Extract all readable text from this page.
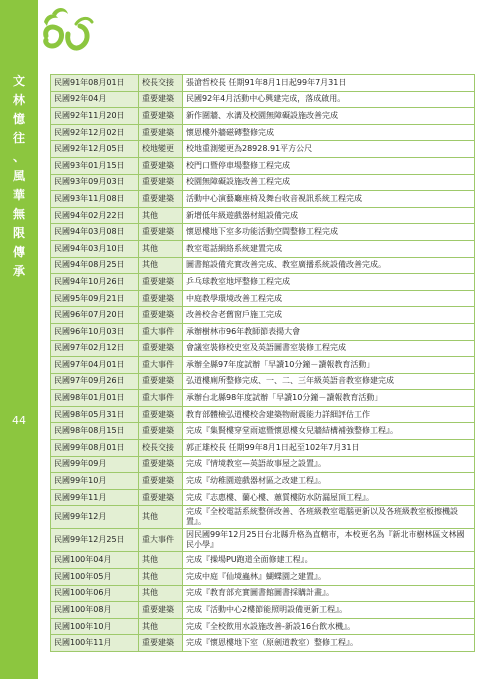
文
林
憶
往
、
風
華
無
限
傳
承
44
民國91年08月01日	校長交接	張滄哲校長 任期91年8月1日起99年7月31日
民國92年04月	重要建築	民國92年4月活動中心興建完成，落成啟用。
民國92年11月20日	重要建築	新作圍牆、水溝及校園無障礙設施改善完成
民國92年12月02日	重要建築	懷恩樓外牆磁磚整修完成
民國92年12月05日	校地變更	校地重測變更為28928.91平方公尺
民國93年01月15日	重要建築	校門口暨停車場整修工程完成
民國93年09月03日	重要建築	校園無障礙設施改善工程完成
民國93年11月08日	重要建築	活動中心演藝廳座椅及舞台收音視訊系統工程完成
民國94年02月22日	其他	新增低年級遊戲器材組設備完成
民國94年03月08日	重要建築	懷恩樓地下室多功能活動空間整修工程完成
民國94年03月10日	其他	教室電話網絡系統建置完成
民國94年08月25日	其他	圖書館設備充實改善完成、教室廣播系統設備改善完成。
民國94年10月26日	重要建築	乒乓球教室地坪整修工程完成
民國95年09月21日	重要建築	中庭教學環境改善工程完成
民國96年07月20日	重要建築	改善校舍老舊窗戶施工完成
民國96年10月03日	重大事件	承辦樹林市96年教師節表揚大會
民國97年02月12日	重要建築	會議室裝修校史室及英語圖書室裝修工程完成
民國97年04月01日	重大事件	承辦全縣97年度試辦「早讀10分鐘－讀報教育活動」
民國97年09月26日	重要建築	弘道樓廁所整修完成、一、二、三年級英語音教室修建完成
民國98年01月01日	重大事件	承辦台北縣98年度試辦「早讀10分鐘－讀報教育活動」
民國98年05月31日	重要建築	教育部體檢弘道樓校舍建築物耐震能力詳細評估工作
民國98年08月15日	重要建築	完成『集賢樓穿堂雨遮暨懷恩樓女兒牆結構補強整修工程』。
民國99年08月01日	校長交接	郭正雄校長 任期99年8月1日起至102年7月31日
民國99年09月	重要建築	完成『情境教室—英語故事屋之設置』。
民國99年10月	重要建築	完成『幼稚園遊戲器材區之改建工程』。
民國99年11月	重要建築	完成『志惠樓、蘭心樓、蕙質樓防水防漏屋頂工程』。
民國99年12月	其他	完成『全校電話系統整併改善、各班級教室電腦更新以及各班級教室板擦機設置』。
民國99年12月25日	重大事件	因民國99年12月25日台北縣升格為直轄市，本校更名為『新北市樹林區文林國民小學』
民國100年04月	其他	完成『操場PU跑道全面修建工程』。
民國100年05月	其他	完成中庭『仙境蟲林』蝴蝶園之建置』。
民國100年06月	其他	完成『教育部充實圖書館圖書採購計畫』。
民國100年08月	重要建築	完成『活動中心2樓節能照明設備更新工程』。
民國100年10月	其他	完成『全校飲用水設施改善-新設16台飲水機』。
民國100年11月	重要建築	完成『懷恩樓地下室（原劍道教室）整修工程』。
